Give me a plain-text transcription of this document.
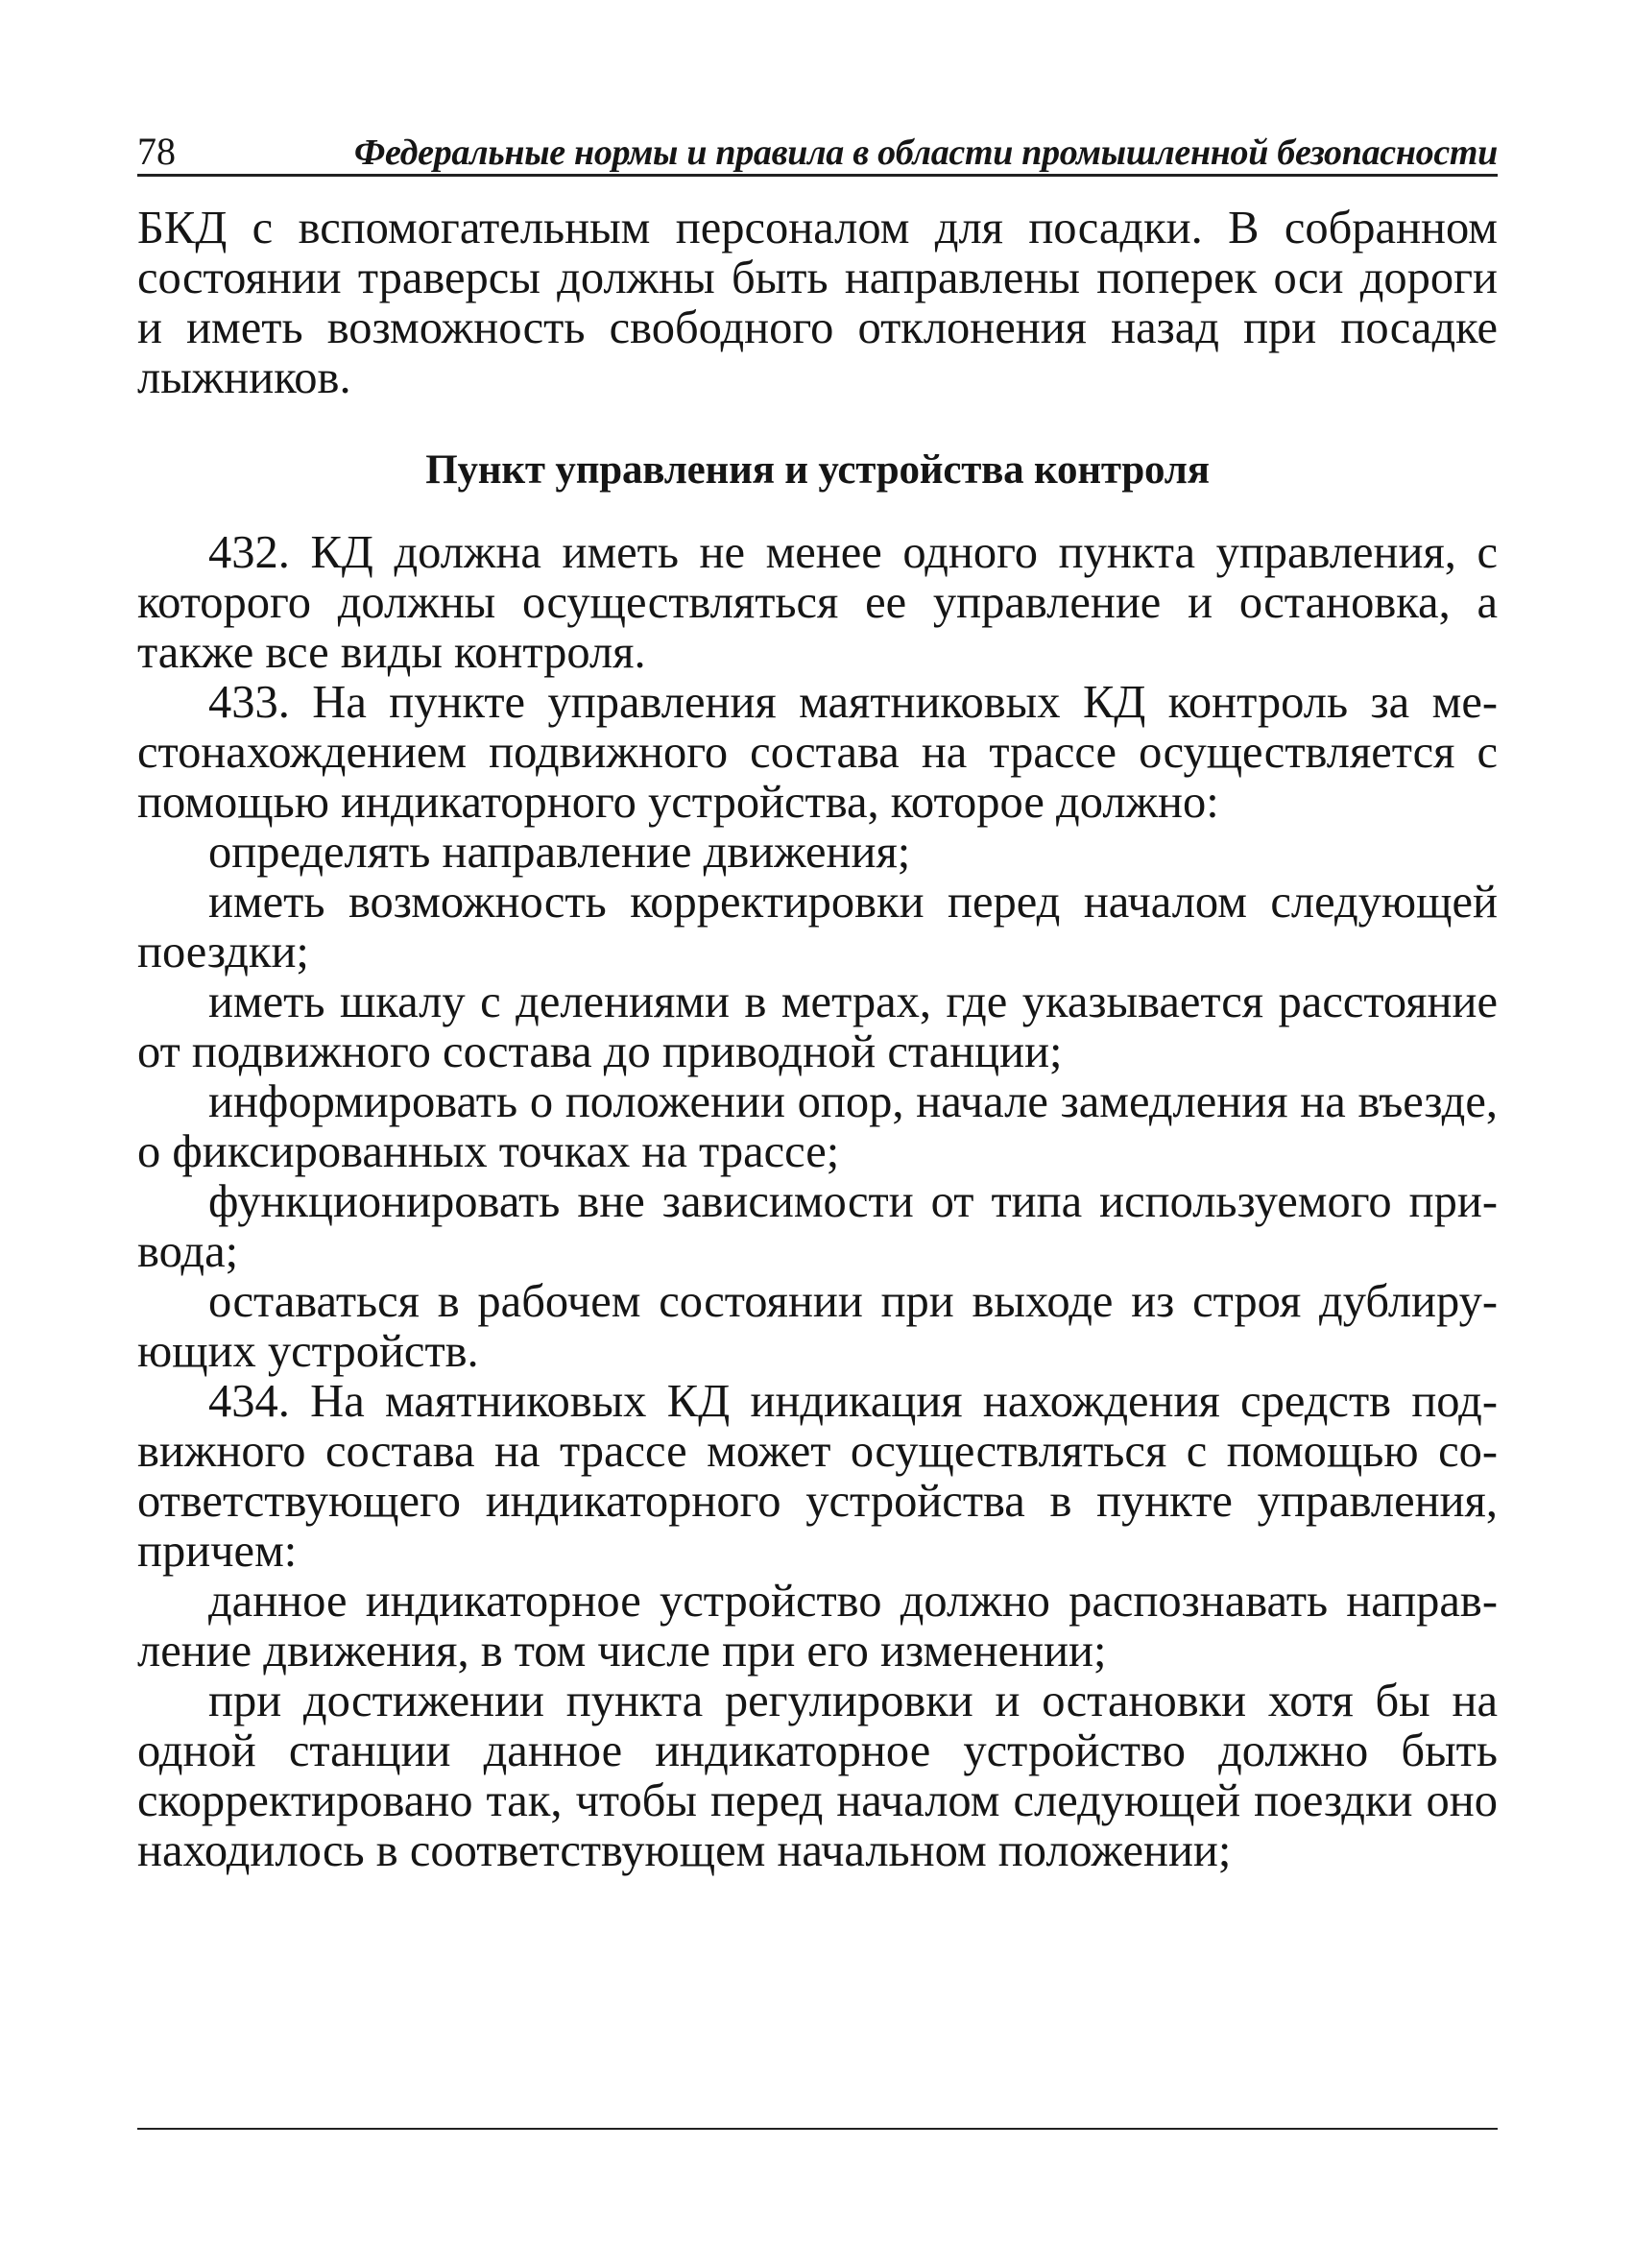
78	Федеральные нормы и правила в области промышленной безопасности

БКД с вспомогательным персоналом для посадки. В собранном состоянии траверсы должны быть направлены поперек оси дороги и иметь возможность свободного отклонения назад при посадке лыжников.

Пункт управления и устройства контроля

432. КД должна иметь не менее одного пункта управления, с которого должны осуществляться ее управление и остановка, а также все виды контроля.

433. На пункте управления маятниковых КД контроль за местонахождением подвижного состава на трассе осуществляется с помощью индикаторного устройства, которое должно:

определять направление движения;

иметь возможность корректировки перед началом следующей поездки;

иметь шкалу с делениями в метрах, где указывается расстояние от подвижного состава до приводной станции;

информировать о положении опор, начале замедления на въезде, о фиксированных точках на трассе;

функционировать вне зависимости от типа используемого привода;

оставаться в рабочем состоянии при выходе из строя дублирующих устройств.

434. На маятниковых КД индикация нахождения средств подвижного состава на трассе может осуществляться с помощью соответствующего индикаторного устройства в пункте управления, причем:

данное индикаторное устройство должно распознавать направление движения, в том числе при его изменении;

при достижении пункта регулировки и остановки хотя бы на одной станции данное индикаторное устройство должно быть скорректировано так, чтобы перед началом следующей поездки оно находилось в соответствующем начальном положении;
